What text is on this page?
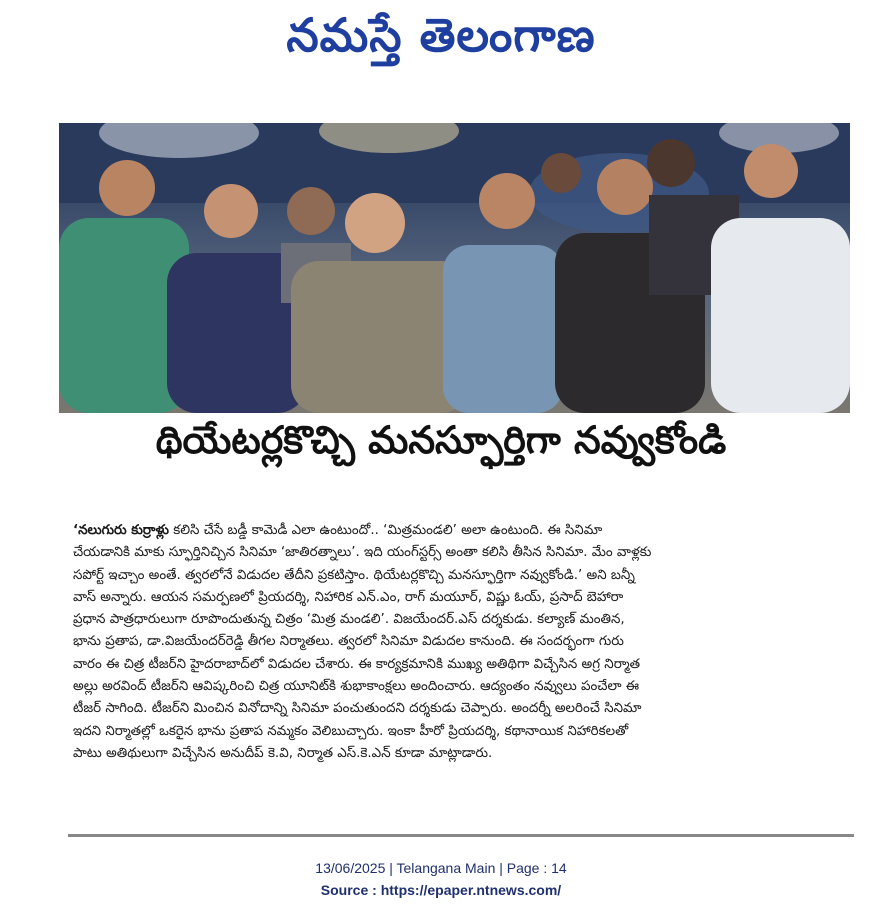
నమస్తే తెలంగాణ
థియేటర్లకొచ్చి మనస్ఫూర్తిగా నవ్వుకోండి
‘నలుగురు కుర్రాళ్లు కలిసి చేసే బడ్డీ కామెడీ ఎలా ఉంటుందో.. ‘మిత్రమండలి’ అలా ఉంటుంది. ఈ సినిమా
చేయడానికి మాకు స్ఫూర్తినిచ్చిన సినిమా ‘జాతిరత్నాలు’. ఇది యంగ్‌స్టర్స్ అంతా కలిసి తీసిన సినిమా. మేం వాళ్లకు
సపోర్ట్ ఇచ్చాం అంతే. త్వరలోనే విడుదల తేదీని ప్రకటిస్తాం. థియేటర్లకొచ్చి మనస్ఫూర్తిగా నవ్వుకోండి.’ అని బన్నీ
వాస్ అన్నారు. ఆయన సమర్పణలో ప్రియదర్శి, నిహారిక ఎన్.ఎం, రాగ్ మయూర్, విష్ణు ఓయ్, ప్రసాద్ బెహారా
ప్రధాన పాత్రధారులుగా రూపొందుతున్న చిత్రం ‘మిత్ర మండలి’. విజయేందర్.ఎస్ దర్శకుడు. కల్యాణ్ మంతిన,
భాను ప్రతాప, డా.విజయేందర్‌రెడ్డి తీగల నిర్మాతలు. త్వరలో సినిమా విడుదల కానుంది. ఈ సందర్భంగా గురు
వారం ఈ చిత్ర టీజర్‌ని హైదరాబాద్‌లో విడుదల చేశారు. ఈ కార్యక్రమానికి ముఖ్య అతిథిగా విచ్చేసిన అగ్ర నిర్మాత
అల్లు అరవింద్ టీజర్‌ని ఆవిష్కరించి చిత్ర యూనిట్‌కి శుభాకాంక్షలు అందించారు. ఆద్యంతం నవ్వులు పంచేలా ఈ
టీజర్ సాగింది. టీజర్‌ని మించిన వినోదాన్ని సినిమా పంచుతుందని దర్శకుడు చెప్పారు. అందర్నీ అలరించే సినిమా
ఇదని నిర్మాతల్లో ఒకరైన భాను ప్రతాప నమ్మకం వెలిబుచ్చారు. ఇంకా హీరో ప్రియదర్శి, కథానాయిక నిహారికలతో
పాటు అతిథులుగా విచ్చేసిన అనుదీప్ కె.వి, నిర్మాత ఎస్.కె.ఎన్ కూడా మాట్లాడారు.
13/06/2025 | Telangana Main | Page : 14
Source : https://epaper.ntnews.com/
